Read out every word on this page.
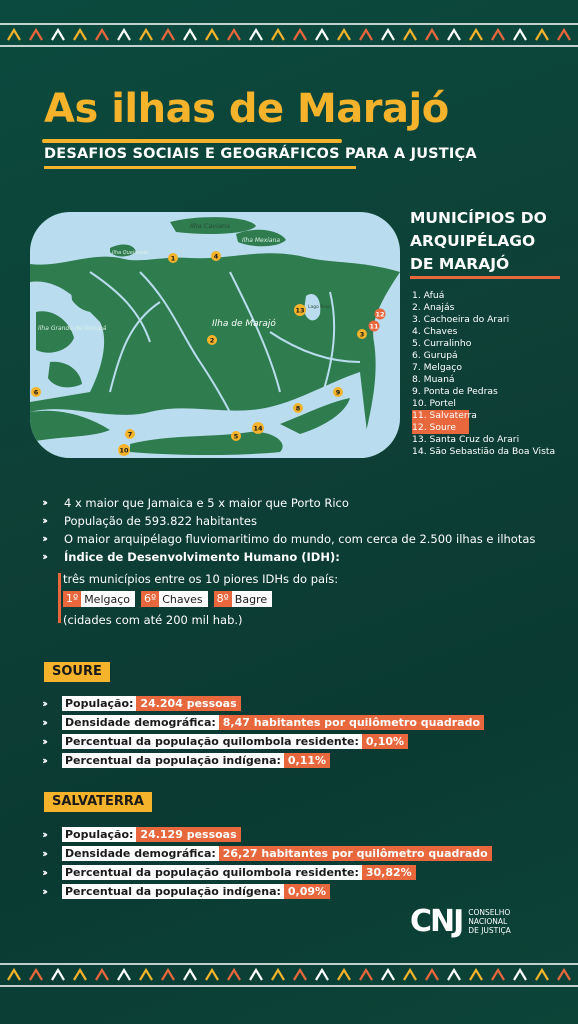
As ilhas de Marajó
DESAFIOS SOCIAIS E GEOGRÁFICOS PARA A JUSTIÇA
Ilha Caviana
Ilha Mexiana
Ilha Queimada
Ilha Grande de Gurupá
Lago Arari
Ilha de Marajó
1	4
13
2
3
12
11
6	9
8
14
5
7
10
MUNICÍPIOS DO
ARQUIPÉLAGO
DE MARAJÓ
1. Afuá
2. Anajás
3. Cachoeira do Arari
4. Chaves
5. Curralinho
6. Gurupá
7. Melgaço
8. Muaná
9. Ponta de Pedras
10. Portel
11. Salvaterra
12. Soure
13. Santa Cruz do Arari
14. São Sebastião da Boa Vista
›› 4 x maior que Jamaica e 5 x maior que Porto Rico
›› População de 593.822 habitantes
›› O maior arquipélago fluviomaritimo do mundo, com cerca de 2.500 ilhas e ilhotas
›› Índice de Desenvolvimento Humano (IDH):
três municípios entre os 10 piores IDHs do país:
1º Melgaço	6º Chaves	8º Bagre
(cidades com até 200 mil hab.)
SOURE
››	População: 24.204 pessoas
››	Densidade demográfica: 8,47 habitantes por quilômetro quadrado
››	Percentual da população quilombola residente: 0,10%
››	Percentual da população indígena: 0,11%
SALVATERRA
››	População: 24.129 pessoas
››	Densidade demográfica: 26,27 habitantes por quilômetro quadrado
››	Percentual da população quilombola residente: 30,82%
››	Percentual da população indígena: 0,09%
CNJ CONSELHO
NACIONAL
DE JUSTIÇA
